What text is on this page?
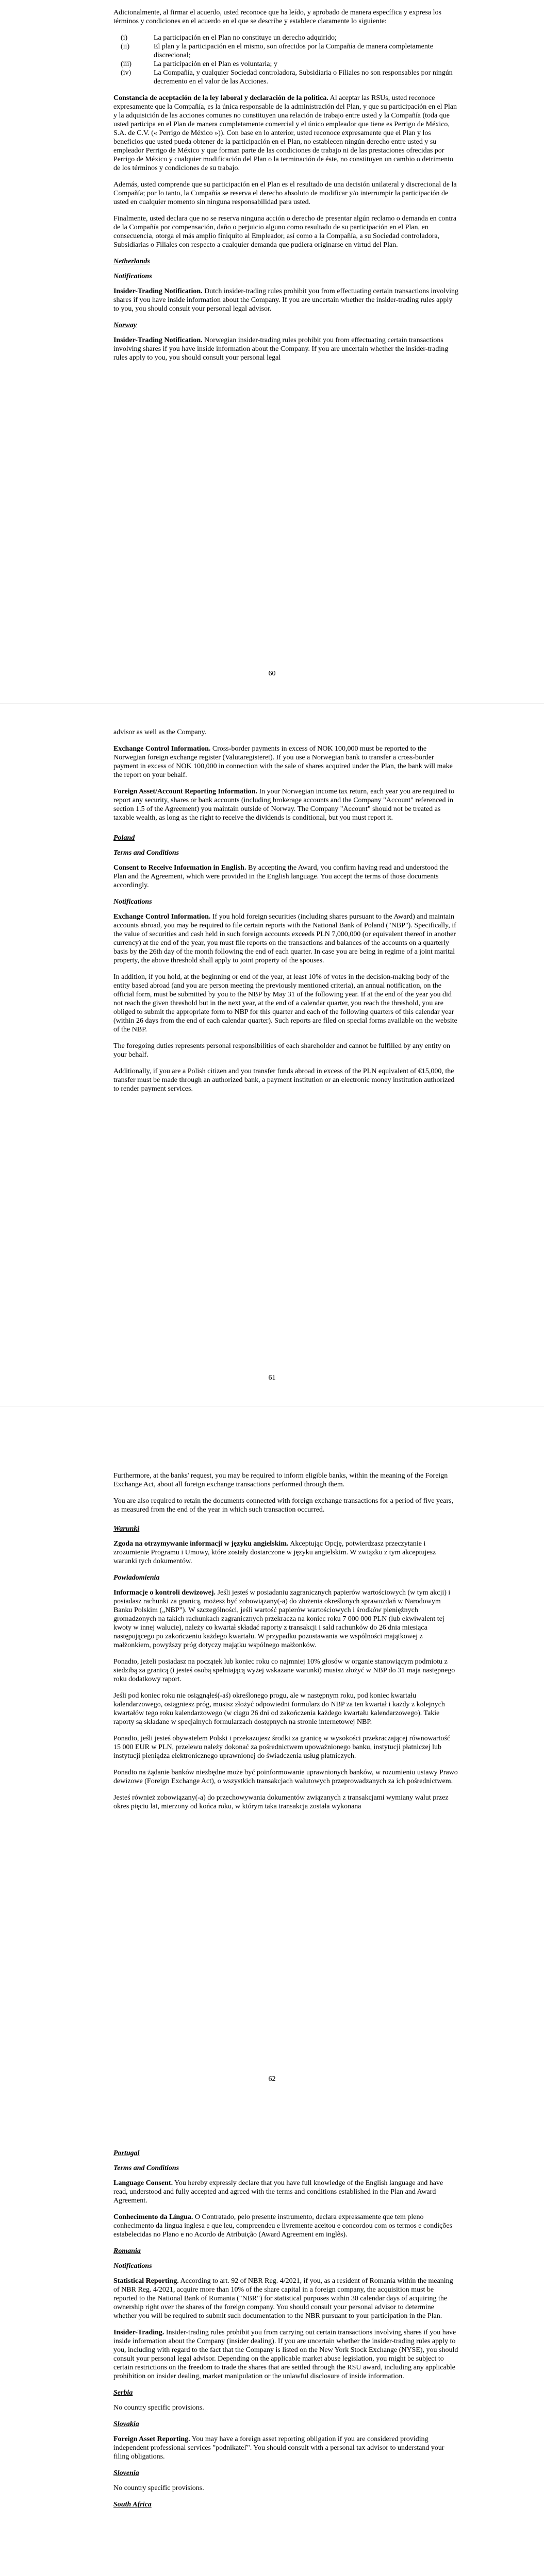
Adicionalmente, al firmar el acuerdo, usted reconoce que ha leído, y aprobado de manera específica y expresa los términos y condiciones en el acuerdo en el que se describe y establece claramente lo siguiente:

(i)	La participación en el Plan no constituye un derecho adquirido;
(ii)	El plan y la participación en el mismo, son ofrecidos por la Compañía de manera completamente discrecional;
(iii)	La participación en el Plan es voluntaria; y
(iv)	La Compañía, y cualquier Sociedad controladora, Subsidiaria o Filiales no son responsables por ningún decremento en el valor de las Acciones.

Constancia de aceptación de la ley laboral y declaración de la política. Al aceptar las RSUs, usted reconoce expresamente que la Compañía, es la única responsable de la administración del Plan, y que su participación en el Plan y la adquisición de las acciones comunes no constituyen una relación de trabajo entre usted y la Compañía (toda que usted participa en el Plan de manera completamente comercial y el único empleador que tiene es Perrigo de México, S.A. de C.V. (« Perrigo de México »)). Con base en lo anterior, usted reconoce expresamente que el Plan y los beneficios que usted pueda obtener de la participación en el Plan, no establecen ningún derecho entre usted y su empleador Perrigo de México y que forman parte de las condiciones de trabajo ni de las prestaciones ofrecidas por Perrigo de México y cualquier modificación del Plan o la terminación de éste, no constituyen un cambio o detrimento de los términos y condiciones de su trabajo.

Además, usted comprende que su participación en el Plan es el resultado de una decisión unilateral y discrecional de la Compañía; por lo tanto, la Compañía se reserva el derecho absoluto de modificar y/o interrumpir la participación de usted en cualquier momento sin ninguna responsabilidad para usted.

Finalmente, usted declara que no se reserva ninguna acción o derecho de presentar algún reclamo o demanda en contra de la Compañía por compensación, daño o perjuicio alguno como resultado de su participación en el Plan, en consecuencia, otorga el más amplio finiquito al Empleador, así como a la Compañía, a su Sociedad controladora, Subsidiarias o Filiales con respecto a cualquier demanda que pudiera originarse en virtud del Plan.

Netherlands
Notifications

Insider-Trading Notification. Dutch insider-trading rules prohibit you from effectuating certain transactions involving shares if you have inside information about the Company. If you are uncertain whether the insider-trading rules apply to you, you should consult your personal legal advisor.

Norway

Insider-Trading Notification. Norwegian insider-trading rules prohibit you from effectuating certain transactions involving shares if you have inside information about the Company. If you are uncertain whether the insider-trading rules apply to you, you should consult your personal legal

60

advisor as well as the Company.

Exchange Control Information. Cross-border payments in excess of NOK 100,000 must be reported to the Norwegian foreign exchange register (Valutaregisteret). If you use a Norwegian bank to transfer a cross-border payment in excess of NOK 100,000 in connection with the sale of shares acquired under the Plan, the bank will make the report on your behalf.

Foreign Asset/Account Reporting Information. In your Norwegian income tax return, each year you are required to report any security, shares or bank accounts (including brokerage accounts and the Company "Account" referenced in section 1.5 of the Agreement) you maintain outside of Norway. The Company "Account" should not be treated as taxable wealth, as long as the right to receive the dividends is conditional, but you must report it.

Poland
Terms and Conditions

Consent to Receive Information in English. By accepting the Award, you confirm having read and understood the Plan and the Agreement, which were provided in the English language. You accept the terms of those documents accordingly.

Notifications

Exchange Control Information. If you hold foreign securities (including shares pursuant to the Award) and maintain accounts abroad, you may be required to file certain reports with the National Bank of Poland ("NBP"). Specifically, if the value of securities and cash held in such foreign accounts exceeds PLN 7,000,000 (or equivalent thereof in another currency) at the end of the year, you must file reports on the transactions and balances of the accounts on a quarterly basis by the 26th day of the month following the end of each quarter. In case you are being in regime of a joint marital property, the above threshold shall apply to joint property of the spouses.

In addition, if you hold, at the beginning or end of the year, at least 10% of votes in the decision-making body of the entity based abroad (and you are person meeting the previously mentioned criteria), an annual notification, on the official form, must be submitted by you to the NBP by May 31 of the following year. If at the end of the year you did not reach the given threshold but in the next year, at the end of a calendar quarter, you reach the threshold, you are obliged to submit the appropriate form to NBP for this quarter and each of the following quarters of this calendar year (within 26 days from the end of each calendar quarter). Such reports are filed on special forms available on the website of the NBP.

The foregoing duties represents personal responsibilities of each shareholder and cannot be fulfilled by any entity on your behalf.

Additionally, if you are a Polish citizen and you transfer funds abroad in excess of the PLN equivalent of €15,000, the transfer must be made through an authorized bank, a payment institution or an electronic money institution authorized to render payment services.

61

Furthermore, at the banks' request, you may be required to inform eligible banks, within the meaning of the Foreign Exchange Act, about all foreign exchange transactions performed through them.

You are also required to retain the documents connected with foreign exchange transactions for a period of five years, as measured from the end of the year in which such transaction occurred.

Warunki

Zgoda na otrzymywanie informacji w języku angielskim. Akceptując Opcję, potwierdzasz przeczytanie i zrozumienie Programu i Umowy, które zostały dostarczone w języku angielskim. W związku z tym akceptujesz warunki tych dokumentów.

Powiadomienia

Informacje o kontroli dewizowej. Jeśli jesteś w posiadaniu zagranicznych papierów wartościowych (w tym akcji) i posiadasz rachunki za granicą, możesz być zobowiązany(-a) do złożenia określonych sprawozdań w Narodowym Banku Polskim („NBP”). W szczególności, jeśli wartość papierów wartościowych i środków pieniężnych gromadzonych na takich rachunkach zagranicznych przekracza na koniec roku 7 000 000 PLN (lub ekwiwalent tej kwoty w innej walucie), należy co kwartał składać raporty z transakcji i sald rachunków do 26 dnia miesiąca następującego po zakończeniu każdego kwartału. W przypadku pozostawania we wspólności majątkowej z małżonkiem, powyższy próg dotyczy majątku wspólnego małżonków.

Ponadto, jeżeli posiadasz na początek lub koniec roku co najmniej 10% głosów w organie stanowiącym podmiotu z siedzibą za granicą (i jesteś osobą spełniającą wyżej wskazane warunki) musisz złożyć w NBP do 31 maja następnego roku dodatkowy raport.

Jeśli pod koniec roku nie osiągnąłeś(-aś) określonego progu, ale w następnym roku, pod koniec kwartału kalendarzowego, osiągniesz próg, musisz złożyć odpowiedni formularz do NBP za ten kwartał i każdy z kolejnych kwartałów tego roku kalendarzowego (w ciągu 26 dni od zakończenia każdego kwartału kalendarzowego). Takie raporty są składane w specjalnych formularzach dostępnych na stronie internetowej NBP.

Ponadto, jeśli jesteś obywatelem Polski i przekazujesz środki za granicę w wysokości przekraczającej równowartość 15 000 EUR w PLN, przelewu należy dokonać za pośrednictwem upoważnionego banku, instytucji płatniczej lub instytucji pieniądza elektronicznego uprawnionej do świadczenia usług płatniczych.

Ponadto na żądanie banków niezbędne może być poinformowanie uprawnionych banków, w rozumieniu ustawy Prawo dewizowe (Foreign Exchange Act), o wszystkich transakcjach walutowych przeprowadzanych za ich pośrednictwem.

Jesteś również zobowiązany(-a) do przechowywania dokumentów związanych z transakcjami wymiany walut przez okres pięciu lat, mierzony od końca roku, w którym taka transakcja została wykonana

62
Portugal
Terms and Conditions

Language Consent. You hereby expressly declare that you have full knowledge of the English language and have read, understood and fully accepted and agreed with the terms and conditions established in the Plan and Award Agreement.

Conhecimento da Língua. O Contratado, pelo presente instrumento, declara expressamente que tem pleno conhecimento da língua inglesa e que leu, compreendeu e livremente aceitou e concordou com os termos e condições estabelecidas no Plano e no Acordo de Atribuição (Award Agreement em inglês).

Romania
Notifications

Statistical Reporting. According to art. 92 of NBR Reg. 4/2021, if you, as a resident of Romania within the meaning of NBR Reg. 4/2021, acquire more than 10% of the share capital in a foreign company, the acquisition must be reported to the National Bank of Romania ("NBR") for statistical purposes within 30 calendar days of acquiring the ownership right over the shares of the foreign company. You should consult your personal advisor to determine whether you will be required to submit such documentation to the NBR pursuant to your participation in the Plan.

Insider-Trading. Insider-trading rules prohibit you from carrying out certain transactions involving shares if you have inside information about the Company (insider dealing). If you are uncertain whether the insider-trading rules apply to you, including with regard to the fact that the Company is listed on the New York Stock Exchange (NYSE), you should consult your personal legal advisor. Depending on the applicable market abuse legislation, you might be subject to certain restrictions on the freedom to trade the shares that are settled through the RSU award, including any applicable prohibition on insider dealing, market manipulation or the unlawful disclosure of inside information.

Serbia

No country specific provisions.

Slovakia

Foreign Asset Reporting. You may have a foreign asset reporting obligation if you are considered providing independent professional services "podnikateľ". You should consult with a personal tax advisor to understand your filing obligations.

Slovenia

No country specific provisions.

South Africa
